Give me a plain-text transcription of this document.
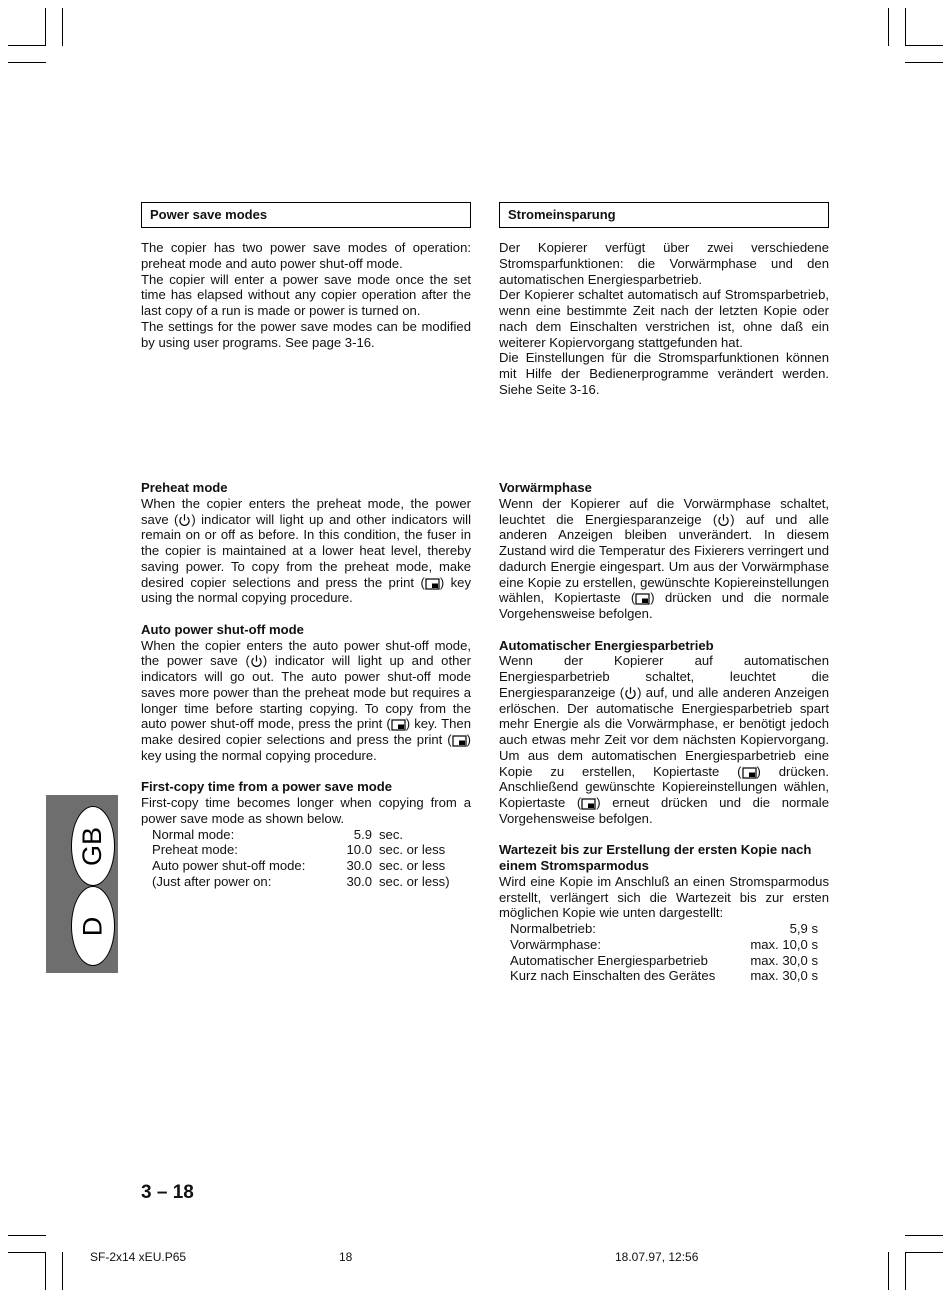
Power save modes	Stromeinsparung

The copier has two power save modes of operation: preheat mode and auto power shut-off mode.

The copier will enter a power save mode once the set time has elapsed without any copier operation after the last copy of a run is made or power is turned on.

The settings for the power save modes can be modified by using user programs. See page 3-16.

Der Kopierer verfügt über zwei verschiedene Stromsparfunktionen: die Vorwärmphase und den automatischen Energiesparbetrieb.

Der Kopierer schaltet automatisch auf Stromsparbetrieb, wenn eine bestimmte Zeit nach der letzten Kopie oder nach dem Einschalten verstrichen ist, ohne daß ein weiterer Kopiervorgang stattgefunden hat.

Die Einstellungen für die Stromsparfunktionen können mit Hilfe der Bedienerprogramme verändert werden. Siehe Seite 3-16.

Preheat mode

When the copier enters the preheat mode, the power save ( ) indicator will light up and other indicators will remain on or off as before. In this condition, the fuser in the copier is maintained at a lower heat level, thereby saving power. To copy from the preheat mode, make desired copier selections and press the print ( ) key using the normal copying procedure.

Auto power shut-off mode

When the copier enters the auto power shut-off mode, the power save ( ) indicator will light up and other indicators will go out. The auto power shut-off mode saves more power than the preheat mode but requires a longer time before starting copying. To copy from the auto power shut-off mode, press the print ( ) key. Then make desired copier selections and press the print ( ) key using the normal copying procedure.

First-copy time from a power save mode

First-copy time becomes longer when copying from a power save mode as shown below.

Normal mode:	5.9	sec.
Preheat mode:	10.0	sec. or less
Auto power shut-off mode:	30.0	sec. or less
(Just after power on:	30.0	sec. or less)

Vorwärmphase

Wenn der Kopierer auf die Vorwärmphase schaltet, leuchtet die Energiesparanzeige ( ) auf und alle anderen Anzeigen bleiben unverändert. In diesem Zustand wird die Temperatur des Fixierers verringert und dadurch Energie eingespart. Um aus der Vorwärmphase eine Kopie zu erstellen, gewünschte Kopiereinstellungen wählen, Kopiertaste ( ) drücken und die normale Vorgehensweise befolgen.

Automatischer Energiesparbetrieb

Wenn der Kopierer auf automatischen Energiesparbetrieb schaltet, leuchtet die Energiesparanzeige ( ) auf, und alle anderen Anzeigen erlöschen. Der automatische Energiesparbetrieb spart mehr Energie als die Vorwärmphase, er benötigt jedoch auch etwas mehr Zeit vor dem nächsten Kopiervorgang. Um aus dem automatischen Energiesparbetrieb eine Kopie zu erstellen, Kopiertaste ( ) drücken. Anschließend gewünschte Kopiereinstellungen wählen, Kopiertaste ( ) erneut drücken und die normale Vorgehensweise befolgen.

Wartezeit bis zur Erstellung der ersten Kopie nach einem Stromsparmodus

Wird eine Kopie im Anschluß an einen Stromsparmodus erstellt, verlängert sich die Wartezeit bis zur ersten möglichen Kopie wie unten dargestellt:

Normalbetrieb:	5,9 s
Vorwärmphase:	max. 10,0 s
Automatischer Energiesparbetrieb	max. 30,0 s
Kurz nach Einschalten des Gerätes	max. 30,0 s
GB
D
3 – 18
SF-2x14 xEU.P65	18	18.07.97, 12:56
